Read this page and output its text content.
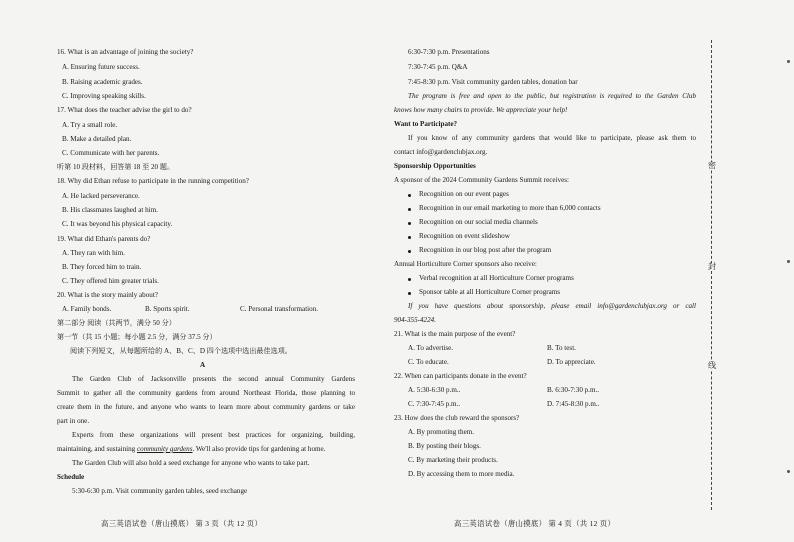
16. What is an advantage of joining the society?
A. Ensuring future success.
B. Raising academic grades.
C. Improving speaking skills.
17. What does the teacher advise the girl to do?
A. Try a small role.
B. Make a detailed plan.
C. Communicate with her parents.
听第 10 段材料，回答第 18 至 20 题。
18. Why did Ethan refuse to participate in the running competition?
A. He lacked perseverance.
B. His classmates laughed at him.
C. It was beyond his physical capacity.
19. What did Ethan's parents do?
A. They ran with him.
B. They forced him to train.
C. They offered him greater trials.
20. What is the story mainly about?
A. Family bonds.	B. Sports spirit.	C. Personal transformation.
第二部分 阅读（共两节，满分 50 分）
第一节（共 15 小题；每小题 2.5 分，满分 37.5 分）
阅读下列短文，从每题所给的 A、B、C、D 四个选项中选出最佳选项。
A
The Garden Club of Jacksonville presents the second annual Community Gardens
Summit to gather all the community gardens from around Northeast Florida, those planning to
create them in the future, and anyone who wants to learn more about community gardens or take
part in one.
Experts from these organizations will present best practices for organizing, building,
maintaining, and sustaining community gardens. We'll also provide tips for gardening at home.
The Garden Club will also hold a seed exchange for anyone who wants to take part.
Schedule
5:30-6:30 p.m. Visit community garden tables, seed exchange
高三英语试卷（唐山摸底） 第 3 页（共 12 页）
6:30-7:30 p.m. Presentations
7:30-7:45 p.m. Q&A
7:45-8:30 p.m. Visit community garden tables, donation bar
The program is free and open to the public, but registration is required to the Garden Club
knows how many chairs to provide. We appreciate your help!
Want to Participate?
If you know of any community gardens that would like to participate, please ask them to
contact info@gardenclubjax.org.
Sponsorship Opportunities
A sponsor of the 2024 Community Gardens Summit receives:
Recognition on our event pages
Recognition in our email marketing to more than 6,000 contacts
Recognition on our social media channels
Recognition on event slideshow
Recognition in our blog post after the program
Annual Horticulture Corner sponsors also receive:
Verbal recognition at all Horticulture Corner programs
Sponsor table at all Horticulture Corner programs
If you have questions about sponsorship, please email info@gardenclubjax.org or call
904-355-4224.
21. What is the main purpose of the event?
A. To advertise.	B. To test.
C. To educate.	D. To appreciate.
22. When can participants donate in the event?
A. 5:30-6:30 p.m..	B. 6:30-7:30 p.m..
C. 7:30-7:45 p.m..	D. 7:45-8:30 p.m..
23. How does the club reward the sponsors?
A. By promoting them.
B. By posting their blogs.
C. By marketing their products.
D. By accessing them to more media.
高三英语试卷（唐山摸底） 第 4 页（共 12 页）
密
封
线
